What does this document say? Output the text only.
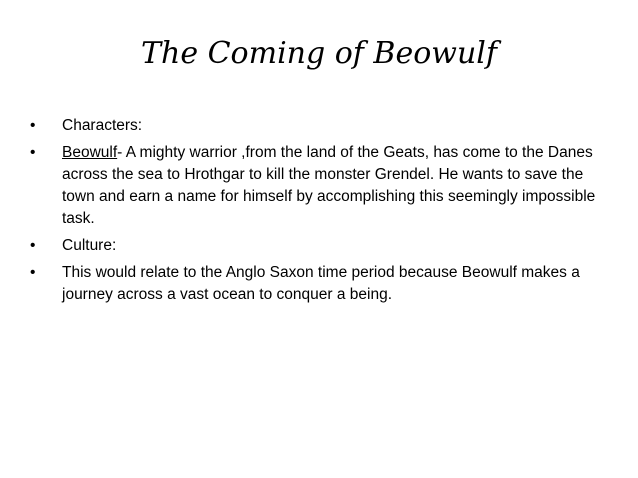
The Coming of Beowulf
• Characters:
• Beowulf- A mighty warrior ,from the land of the Geats, has come to the Danes across the sea to Hrothgar to kill the monster Grendel. He wants to save the town and earn a name for himself by accomplishing this seemingly impossible task.
• Culture:
• This would relate to the Anglo Saxon time period because Beowulf makes a journey across a vast ocean to conquer a being.
